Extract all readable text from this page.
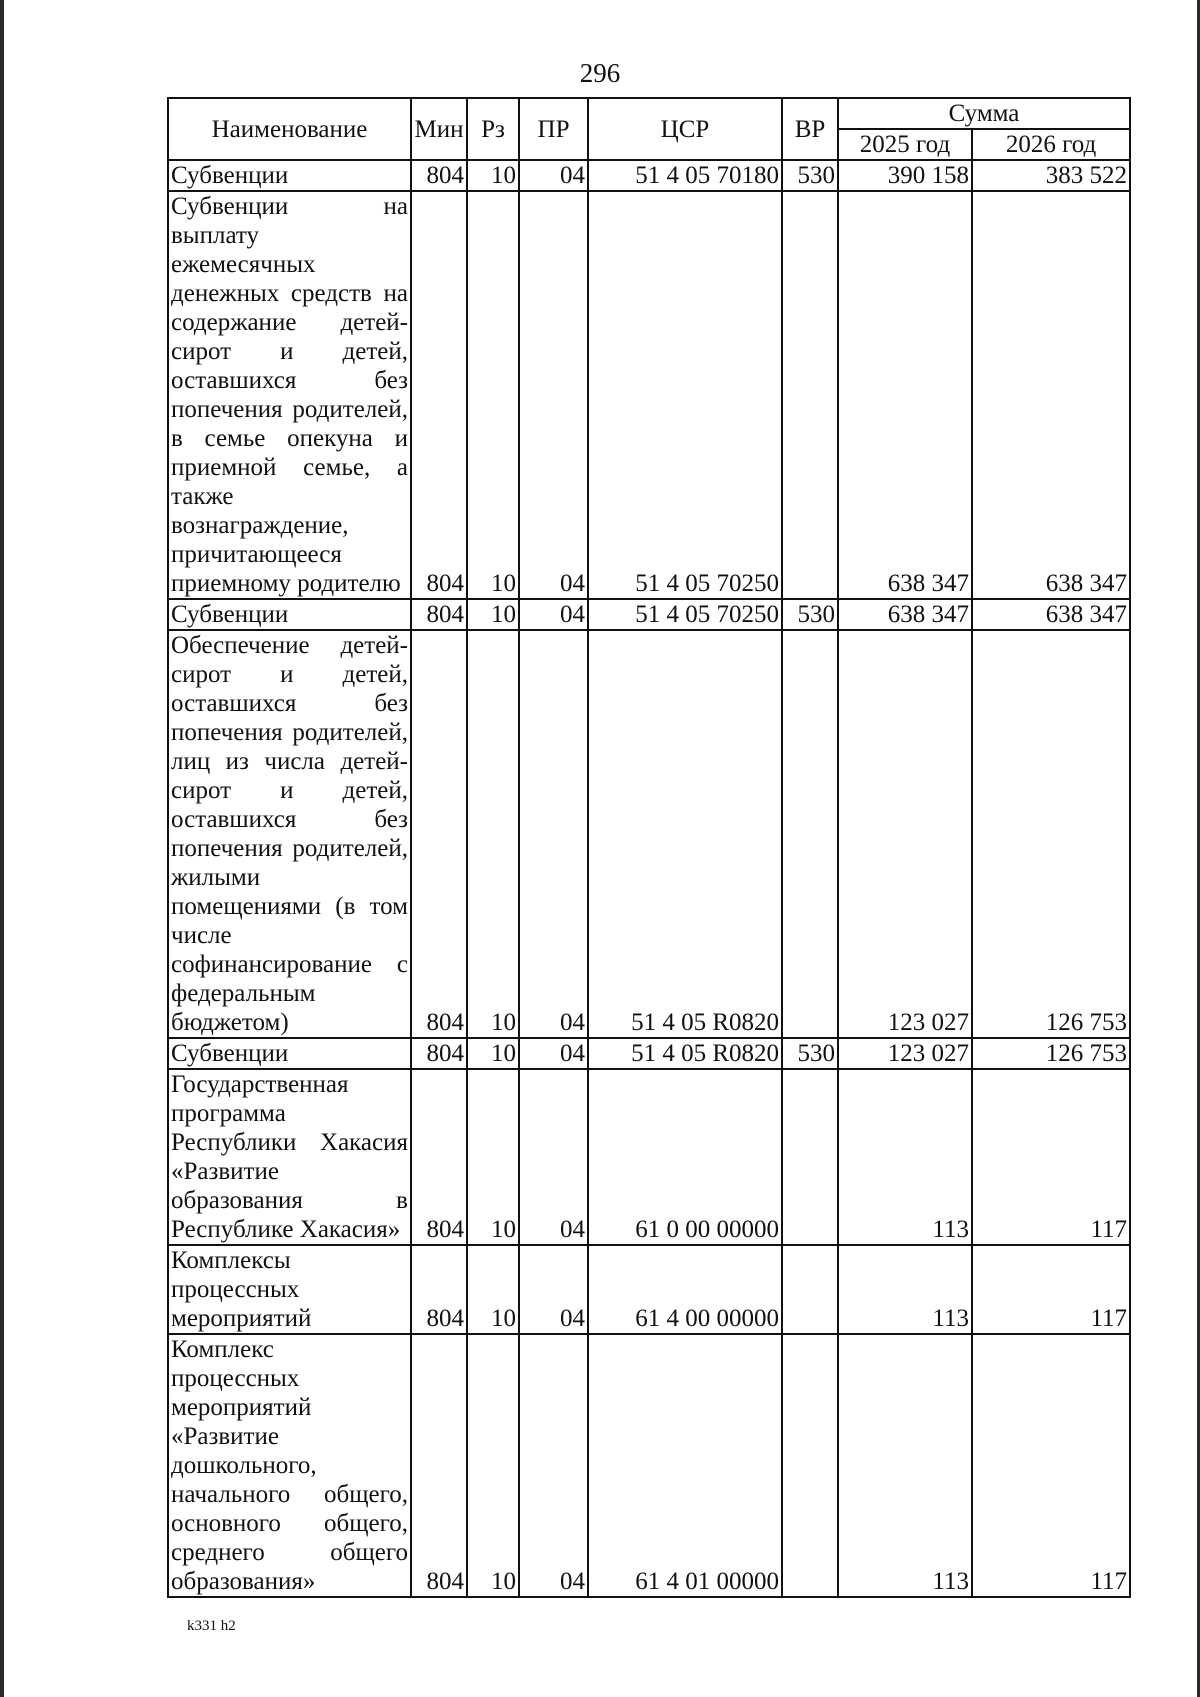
296
Наименование	Мин	Рз	ПР	ЦСР	ВР	Сумма	
						2025 год	2026 год
Субвенции	804	10	04	51 4 05 70180	530	390 158	383 522
Субвенции на выплату ежемесячных денежных средств на содержание детей-сирот и детей, оставшихся без попечения родителей, в семье опекуна и приемной семье, а также вознаграждение, причитающееся приемному родителю	804	10	04	51 4 05 70250		638 347	638 347
Субвенции	804	10	04	51 4 05 70250	530	638 347	638 347
Обеспечение детей-сирот и детей, оставшихся без попечения родителей, лиц из числа детей-сирот и детей, оставшихся без попечения родителей, жилыми помещениями (в том числе софинансирование с федеральным бюджетом)	804	10	04	51 4 05 R0820		123 027	126 753
Субвенции	804	10	04	51 4 05 R0820	530	123 027	126 753
Государственная программа Республики Хакасия «Развитие образования в Республике Хакасия»	804	10	04	61 0 00 00000		113	117
Комплексы процессных мероприятий	804	10	04	61 4 00 00000		113	117
Комплекс процессных мероприятий «Развитие дошкольного, начального общего, основного общего, среднего общего образования»	804	10	04	61 4 01 00000		113	117
k331 h2
